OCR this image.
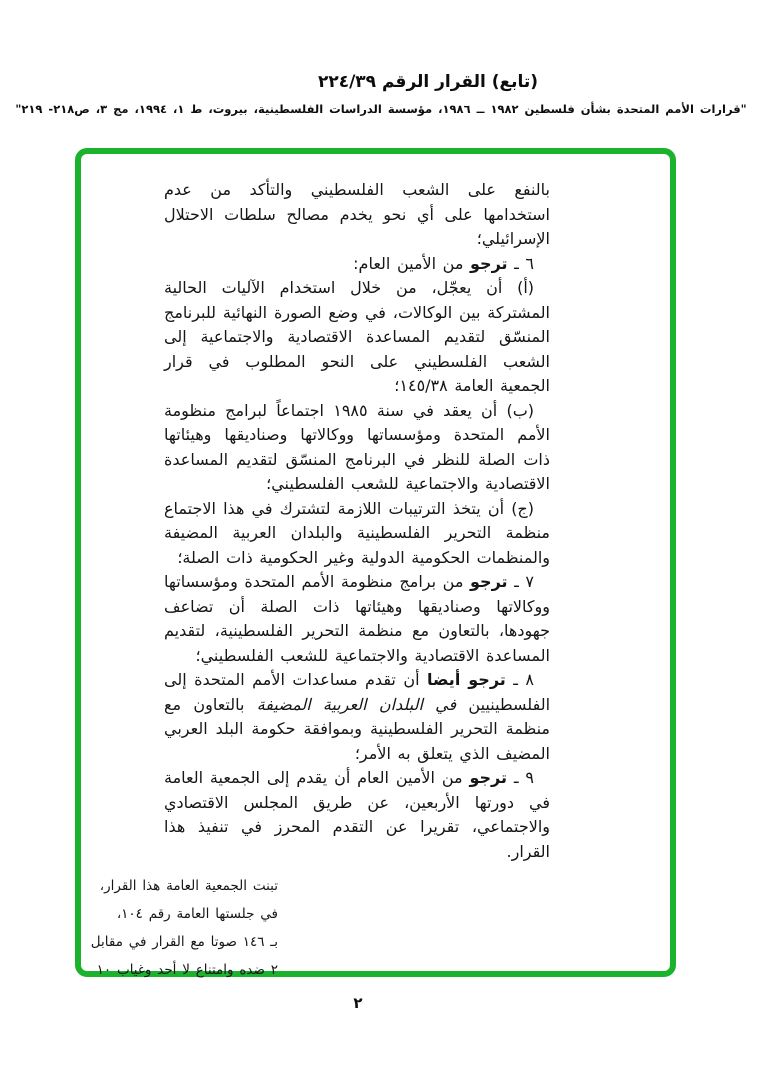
(تابع) القرار الرقم ٢٢٤/٣٩
"قرارات الأمم المتحدة بشأن فلسطين ١٩٨٢ ــ ١٩٨٦، مؤسسة الدراسات الفلسطينية، بيروت، ط ١، ١٩٩٤، مج ٣، ص٢١٨- ٢١٩"

بالنفع على الشعب الفلسطيني والتأكد من عدم استخدامها على أي نحو يخدم مصالح سلطات الاحتلال الإسرائيلي؛

٦ ـ ترجو من الأمين العام:

(أ) أن يعجّل، من خلال استخدام الآليات الحالية المشتركة بين الوكالات، في وضع الصورة النهائية للبرنامج المنسّق لتقديم المساعدة الاقتصادية والاجتماعية إلى الشعب الفلسطيني على النحو المطلوب في قرار الجمعية العامة ١٤٥/٣٨؛

(ب) أن يعقد في سنة ١٩٨٥ اجتماعاً لبرامج منظومة الأمم المتحدة ومؤسساتها ووكالاتها وصناديقها وهيئاتها ذات الصلة للنظر في البرنامج المنسّق لتقديم المساعدة الاقتصادية والاجتماعية للشعب الفلسطيني؛

(ج) أن يتخذ الترتيبات اللازمة لتشترك في هذا الاجتماع منظمة التحرير الفلسطينية والبلدان العربية المضيفة والمنظمات الحكومية الدولية وغير الحكومية ذات الصلة؛

٧ ـ ترجو من برامج منظومة الأمم المتحدة ومؤسساتها ووكالاتها وصناديقها وهيئاتها ذات الصلة أن تضاعف جهودها، بالتعاون مع منظمة التحرير الفلسطينية، لتقديم المساعدة الاقتصادية والاجتماعية للشعب الفلسطيني؛

٨ ـ ترجو أيضا أن تقدم مساعدات الأمم المتحدة إلى الفلسطينيين في البلدان العربية المضيفة بالتعاون مع منظمة التحرير الفلسطينية وبموافقة حكومة البلد العربي المضيف الذي يتعلق به الأمر؛

٩ ـ ترجو من الأمين العام أن يقدم إلى الجمعية العامة في دورتها الأربعين، عن طريق المجلس الاقتصادي والاجتماعي، تقريرا عن التقدم المحرز في تنفيذ هذا القرار.

تبنت الجمعية العامة هذا القرار،
في جلستها العامة رقم ١٠٤،
بـ ١٤٦ صوتا مع القرار في مقابل
٢ ضده وامتناع لا أحد وغياب ١٠
٢
